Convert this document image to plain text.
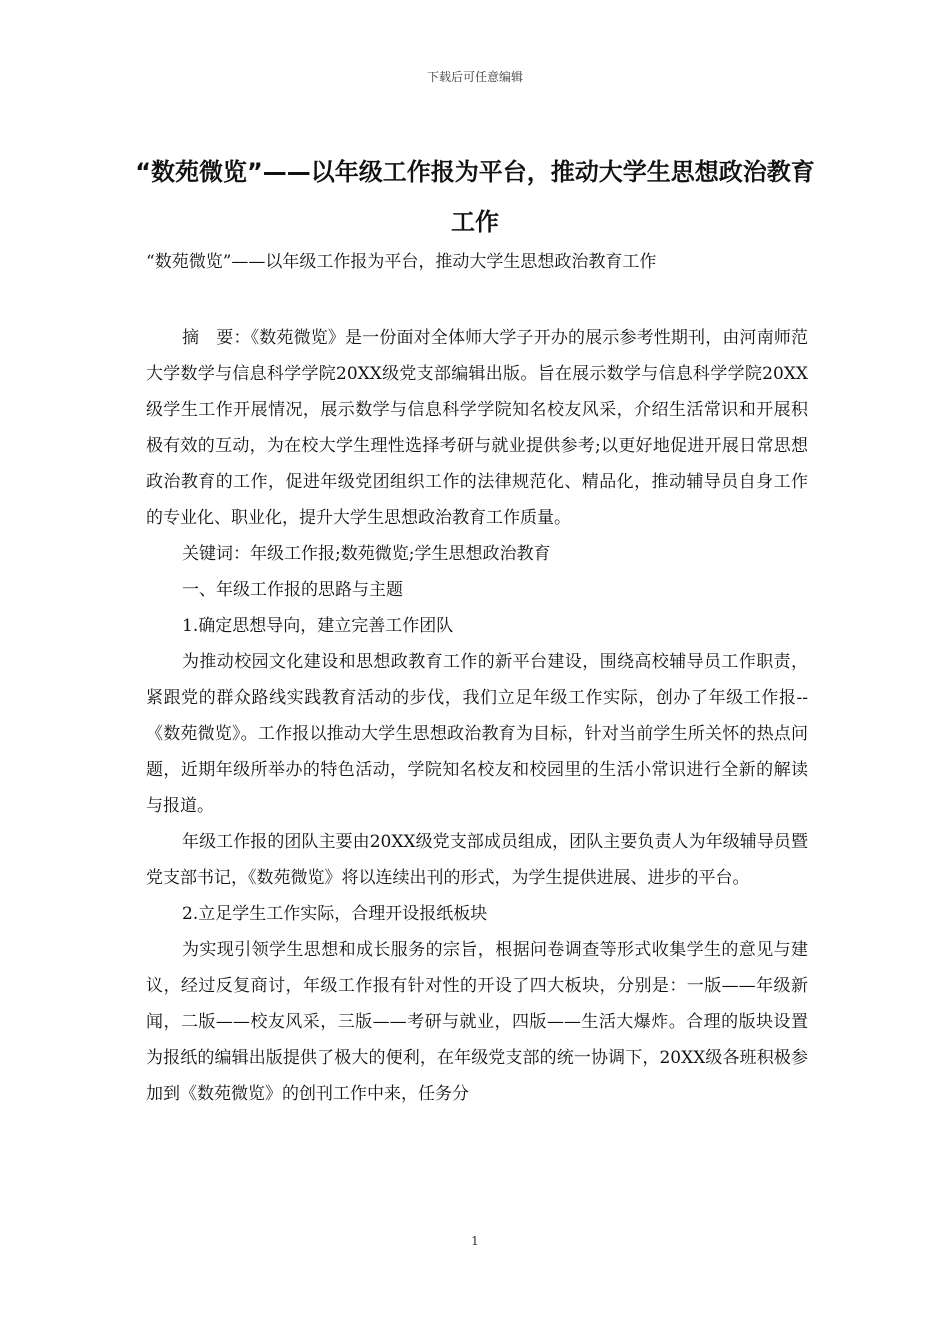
下载后可任意编辑
“数苑微览”——以年级工作报为平台，推动大学生思想政治教育工作

“数苑微览”——以年级工作报为平台，推动大学生思想政治教育工作

摘　要：《数苑微览》是一份面对全体师大学子开办的展示参考性期刊，由河南师范大学数学与信息科学学院20XX级党支部编辑出版。旨在展示数学与信息科学学院20XX级学生工作开展情况，展示数学与信息科学学院知名校友风采，介绍生活常识和开展积极有效的互动，为在校大学生理性选择考研与就业提供参考;以更好地促进开展日常思想政治教育的工作，促进年级党团组织工作的法律规范化、精品化，推动辅导员自身工作的专业化、职业化，提升大学生思想政治教育工作质量。

关键词：年级工作报;数苑微览;学生思想政治教育

一、年级工作报的思路与主题

1.确定思想导向，建立完善工作团队

为推动校园文化建设和思想政教育工作的新平台建设，围绕高校辅导员工作职责，紧跟党的群众路线实践教育活动的步伐，我们立足年级工作实际，创办了年级工作报--《数苑微览》。工作报以推动大学生思想政治教育为目标，针对当前学生所关怀的热点问题，近期年级所举办的特色活动，学院知名校友和校园里的生活小常识进行全新的解读与报道。

年级工作报的团队主要由20XX级党支部成员组成，团队主要负责人为年级辅导员暨党支部书记，《数苑微览》将以连续出刊的形式，为学生提供进展、进步的平台。

2.立足学生工作实际，合理开设报纸板块

为实现引领学生思想和成长服务的宗旨，根据问卷调查等形式收集学生的意见与建议，经过反复商讨，年级工作报有针对性的开设了四大板块，分别是：一版——年级新闻，二版——校友风采，三版——考研与就业，四版——生活大爆炸。合理的版块设置为报纸的编辑出版提供了极大的便利，在年级党支部的统一协调下，20XX级各班积极参加到《数苑微览》的创刊工作中来，任务分

1
